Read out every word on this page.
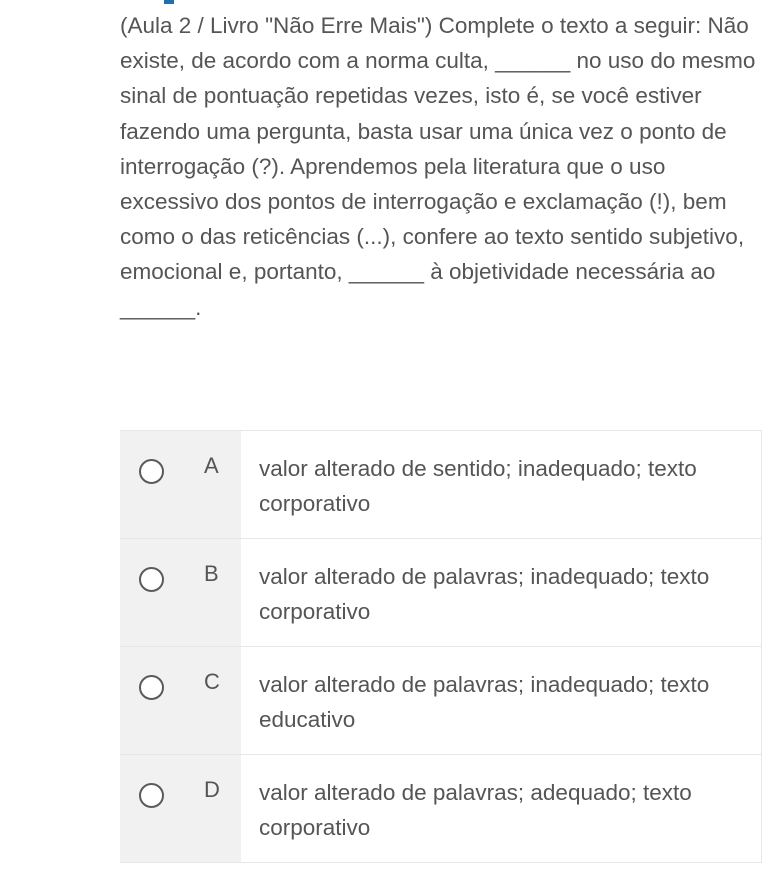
(Aula 2 / Livro "Não Erre Mais") Complete o texto a seguir: Não existe, de acordo com a norma culta, ______ no uso do mesmo sinal de pontuação repetidas vezes, isto é, se você estiver fazendo uma pergunta, basta usar uma única vez o ponto de interrogação (?). Aprendemos pela literatura que o uso excessivo dos pontos de interrogação e exclamação (!), bem como o das reticências (...), confere ao texto sentido subjetivo, emocional e, portanto, ______ à objetividade necessária ao ______.

A	valor alterado de sentido; inadequado; texto corporativo
B	valor alterado de palavras; inadequado; texto corporativo
C	valor alterado de palavras; inadequado; texto educativo
D	valor alterado de palavras; adequado; texto corporativo
